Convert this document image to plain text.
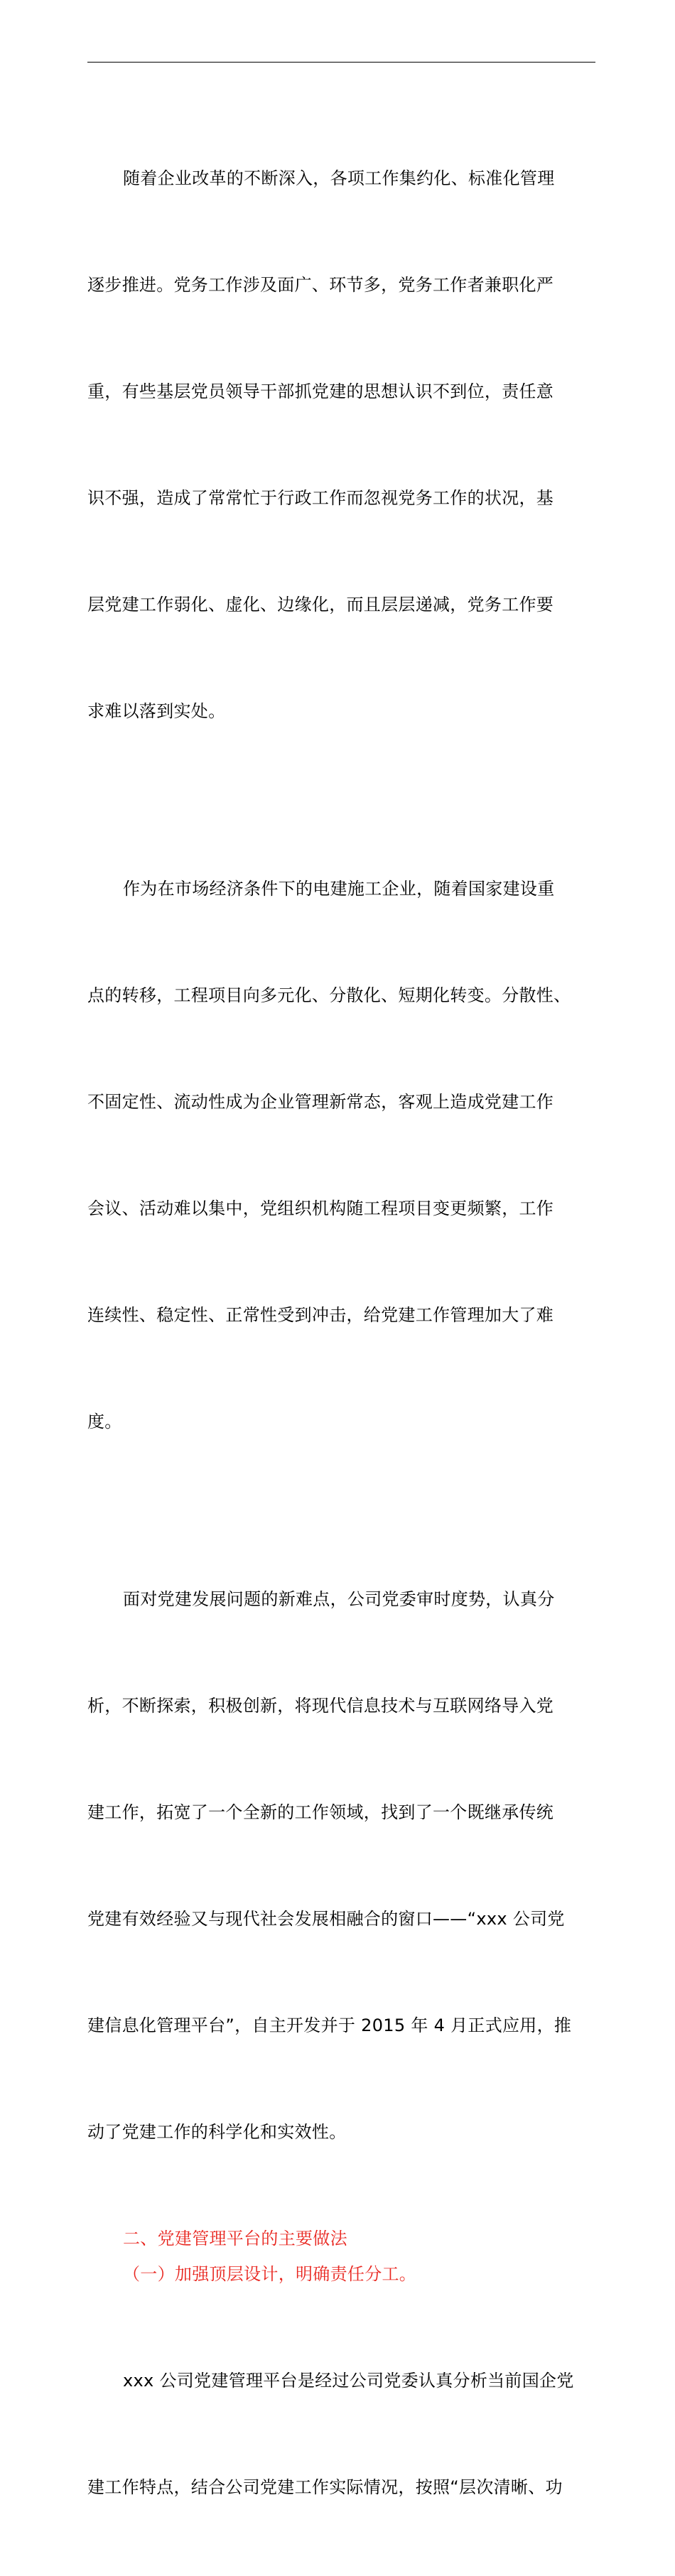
随着企业改革的不断深入，各项工作集约化、标准化管理

逐步推进。党务工作涉及面广、环节多，党务工作者兼职化严

重，有些基层党员领导干部抓党建的思想认识不到位，责任意

识不强，造成了常常忙于行政工作而忽视党务工作的状况，基

层党建工作弱化、虚化、边缘化，而且层层递减，党务工作要

求难以落到实处。

作为在市场经济条件下的电建施工企业，随着国家建设重

点的转移，工程项目向多元化、分散化、短期化转变。分散性、

不固定性、流动性成为企业管理新常态，客观上造成党建工作

会议、活动难以集中，党组织机构随工程项目变更频繁，工作

连续性、稳定性、正常性受到冲击，给党建工作管理加大了难

度。

面对党建发展问题的新难点，公司党委审时度势，认真分

析，不断探索，积极创新，将现代信息技术与互联网络导入党

建工作，拓宽了一个全新的工作领域，找到了一个既继承传统

党建有效经验又与现代社会发展相融合的窗口——“xxx 公司党

建信息化管理平台”，自主开发并于 2015 年 4 月正式应用，推

动了党建工作的科学化和实效性。

二、党建管理平台的主要做法

（一）加强顶层设计，明确责任分工。

xxx 公司党建管理平台是经过公司党委认真分析当前国企党

建工作特点，结合公司党建工作实际情况，按照“层次清晰、功
